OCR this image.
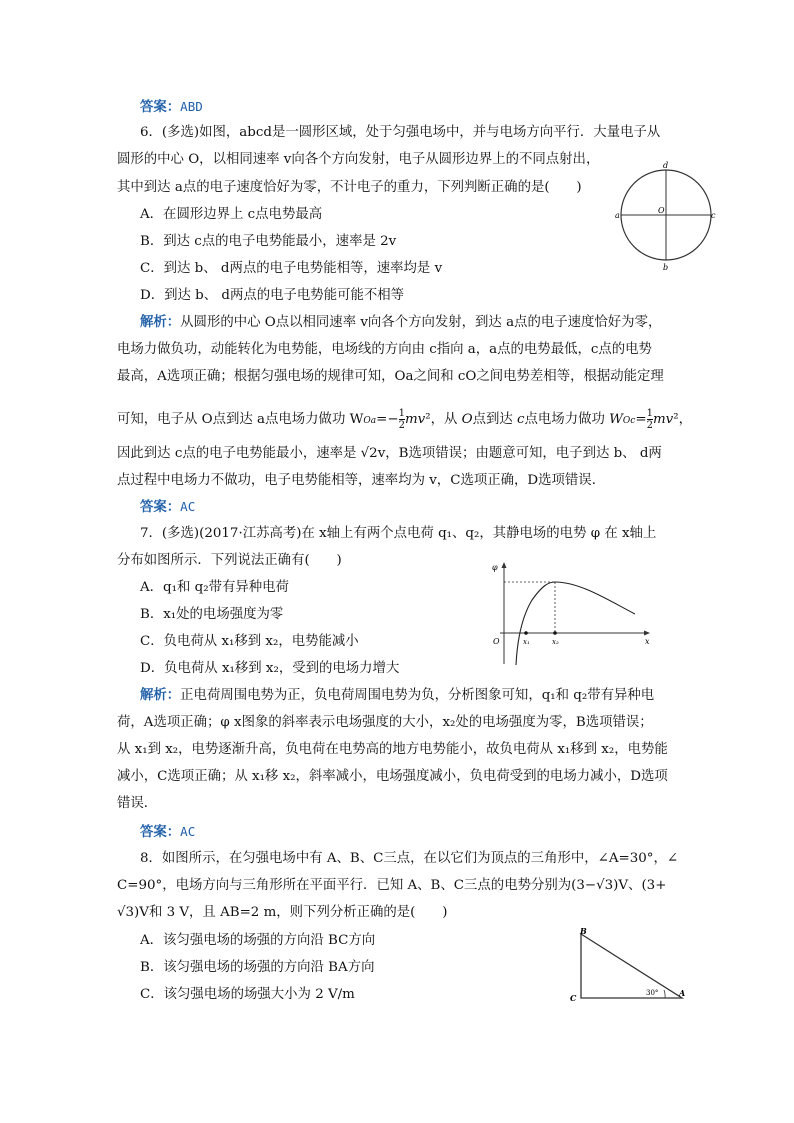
答案：ABD
6．(多选)如图，abcd是一圆形区域，处于匀强电场中，并与电场方向平行．大量电子从
圆形的中心 O，以相同速率 v向各个方向发射，电子从圆形边界上的不同点射出，
其中到达 a点的电子速度恰好为零，不计电子的重力，下列判断正确的是(　　)
A．在圆形边界上 c点电势最高
B．到达 c点的电子电势能最小，速率是 2v
C．到达 b、 d两点的电子电势能相等，速率均是 v
D．到达 b、 d两点的电子电势能可能不相等
d
a	c
b
O
解析：从圆形的中心 O点以相同速率 v向各个方向发射，到达 a点的电子速度恰好为零，
电场力做负功，动能转化为电势能，电场线的方向由 c指向 a，a点的电势最低，c点的电势
最高，A选项正确；根据匀强电场的规律可知，Oa之间和 cO之间电势差相等，根据动能定理
可知，电子从 O点到达 a点电场力做功 $WOa=- \frac{1}{2} mv^2$，从 O点到达 c点电场力做功 $WOc= \frac{1}{2} mv^2$，
因此到达 c点的电子电势能最小，速率是 √2v，B选项错误；由题意可知，电子到达 b、 d两
点过程中电场力不做功，电子电势能相等，速率均为 v，C选项正确，D选项错误．
答案：AC
7．(多选)(2017·江苏高考)在 x轴上有两个点电荷 q₁、q₂，其静电场的电势 φ 在 x轴上
分布如图所示．下列说法正确有(　　)
A．q₁和 q₂带有异种电荷
B．x₁处的电场强度为零
C．负电荷从 x₁移到 x₂，电势能减小
D．负电荷从 x₁移到 x₂，受到的电场力增大
φ
O	x
x₁	x₂
解析：正电荷周围电势为正，负电荷周围电势为负，分析图象可知，q₁和 q₂带有异种电
荷，A选项正确；φ x图象的斜率表示电场强度的大小，x₂处的电场强度为零，B选项错误；
从 x₁到 x₂，电势逐渐升高，负电荷在电势高的地方电势能小，故负电荷从 x₁移到 x₂，电势能
减小，C选项正确；从 x₁移 x₂，斜率减小，电场强度减小，负电荷受到的电场力减小，D选项
错误．
答案：AC
8．如图所示，在匀强电场中有 A、B、C三点，在以它们为顶点的三角形中，∠A=30°，∠
C=90°，电场方向与三角形所在平面平行．已知 A、B、C三点的电势分别为(3−√3)V、(3+
√3)V和 3 V，且 AB=2 m，则下列分析正确的是(　　)
A．该匀强电场的场强的方向沿 BC方向
B．该匀强电场的场强的方向沿 BA方向
C．该匀强电场的场强大小为 2 V/m
B
C	A
30°
